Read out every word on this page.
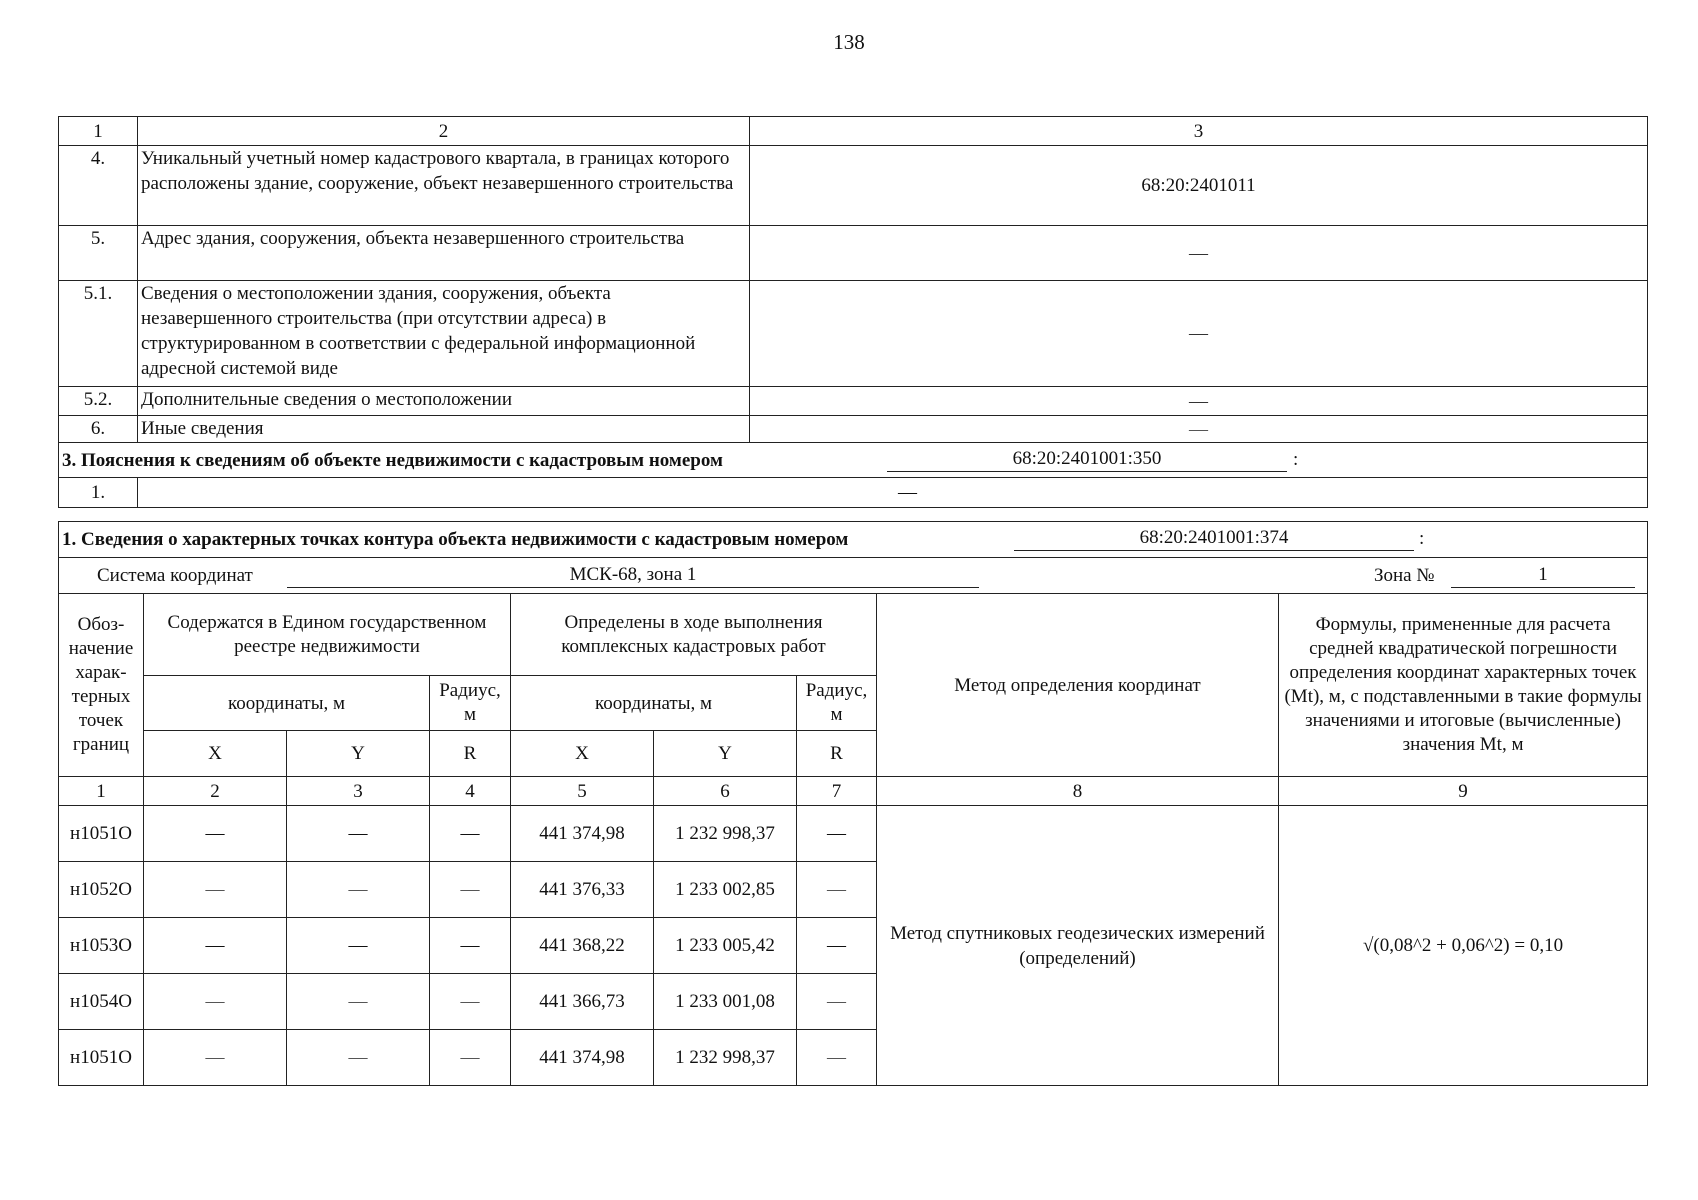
138
1	2	3
4.	Уникальный учетный номер кадастрового квартала, в границах которого расположены здание, сооружение, объект незавершенного строительства	68:20:2401011
5.	Адрес здания, сооружения, объекта незавершенного строительства	—
5.1.	Сведения о местоположении здания, сооружения, объекта незавершенного строительства (при отсутствии адреса) в структурированном в соответствии с федеральной информационной адресной системой виде	—
5.2.	Дополнительные сведения о местоположении	—
6.	Иные сведения	—
3. Пояснения к сведениям об объекте недвижимости с кадастровым номером 68:20:2401001:350 :		

1.	—	
1. Сведения о характерных точках контура объекта недвижимости с кадастровым номером 68:20:2401001:374 :								

Система координат МСК-68, зона 1 Зона № 1								

Обоз-начение харак-терных точек границ	Содержатся в Едином государственном реестре недвижимости			Определены в ходе выполнения комплексных кадастровых работ			Метод определения координат	Формулы, примененные для расчета средней квадратической погрешности определения координат характерных точек (Mt), м, с подставленными в такие формулы значениями и итоговые (вычисленные) значения Mt, м
	координаты, м		Радиус, м	координаты, м		Радиус, м		
	X	Y	R	X	Y	R		
1	2	3	4	5	6	7	8	9
н1051О	—	—	—	441 374,98	1 232 998,37	—	Метод спутниковых геодезических измерений (определений)	√(0,08^2 + 0,06^2) = 0,10
н1052О	—	—	—	441 376,33	1 233 002,85	—		
н1053О	—	—	—	441 368,22	1 233 005,42	—		
н1054О	—	—	—	441 366,73	1 233 001,08	—		
н1051О	—	—	—	441 374,98	1 232 998,37	—		
